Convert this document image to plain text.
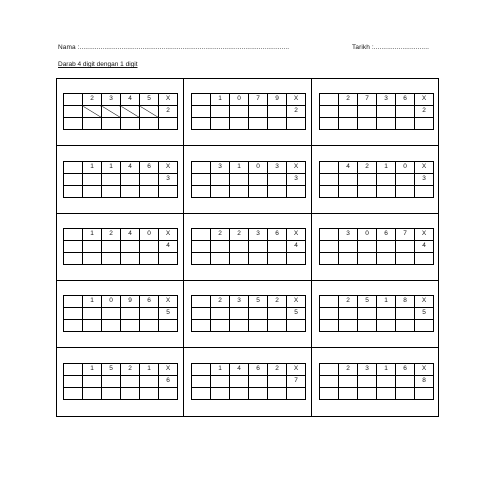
Nama :..............................................................................................................	Tarikh :.............................
Darab 4 digit dengan 1 digit
	2	3	4	5	X
					2

	1	0	7	9	X
					2

	2	7	3	6	X
					2

	1	1	4	6	X
					3

	3	1	0	3	X
					3

	4	2	1	0	X
					3

	1	2	4	0	X
					4

	2	2	3	6	X
					4

	3	0	6	7	X
					4

	1	0	9	6	X
					5

	2	3	5	2	X
					5

	2	5	1	8	X
					5

	1	5	2	1	X
					6

	1	4	6	2	X
					7

	2	3	1	6	X
					8
